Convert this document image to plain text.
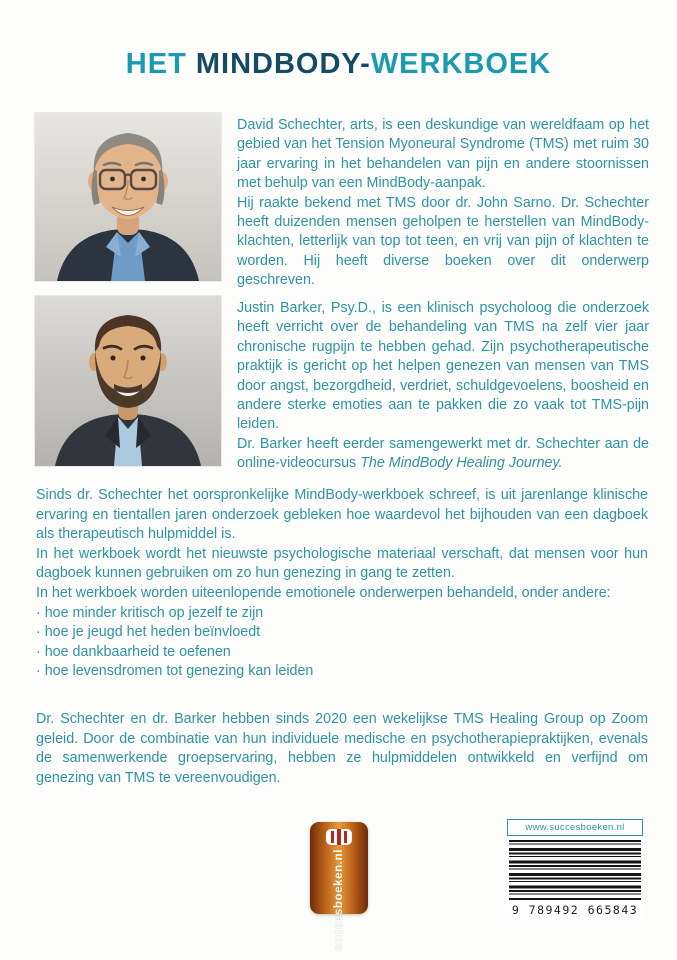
HET MINDBODY-WERKBOEK

David Schechter, arts, is een deskundige van wereldfaam op het gebied van het Tension Myoneural Syndrome (TMS) met ruim 30 jaar ervaring in het behandelen van pijn en andere stoornissen met behulp van een MindBody-aanpak.

Hij raakte bekend met TMS door dr. John Sarno. Dr. Schechter heeft duizenden mensen geholpen te herstellen van MindBody-klachten, letterlijk van top tot teen, en vrij van pijn of klachten te worden. Hij heeft diverse boeken over dit onderwerp geschreven.

Justin Barker, Psy.D., is een klinisch psycholoog die onderzoek heeft verricht over de behandeling van TMS na zelf vier jaar chronische rugpijn te hebben gehad. Zijn psychotherapeutische praktijk is gericht op het helpen genezen van mensen van TMS door angst, bezorgdheid, verdriet, schuldgevoelens, boosheid en andere sterke emoties aan te pakken die zo vaak tot TMS-pijn leiden.

Dr. Barker heeft eerder samengewerkt met dr. Schechter aan de online-videocursus The MindBody Healing Journey.

Sinds dr. Schechter het oorspronkelijke MindBody-werkboek schreef, is uit jarenlange klinische ervaring en tientallen jaren onderzoek gebleken hoe waardevol het bijhouden van een dagboek als therapeutisch hulpmiddel is.

In het werkboek wordt het nieuwste psychologische materiaal verschaft, dat mensen voor hun dagboek kunnen gebruiken om zo hun genezing in gang te zetten.

In het werkboek worden uiteenlopende emotionele onderwerpen behandeld, onder andere:

· hoe minder kritisch op jezelf te zijn
· hoe je jeugd het heden beïnvloedt
· hoe dankbaarheid te oefenen
· hoe levensdromen tot genezing kan leiden

Dr. Schechter en dr. Barker hebben sinds 2020 een wekelijkse TMS Healing Group op Zoom geleid. Door de combinatie van hun individuele medische en psychotherapiepraktijken, evenals de samenwerkende groepservaring, hebben ze hulpmiddelen ontwikkeld en verfijnd om genezing van TMS te vereenvoudigen.

succesboeken.nl
www.succesboeken.nl
9 789492 665843
